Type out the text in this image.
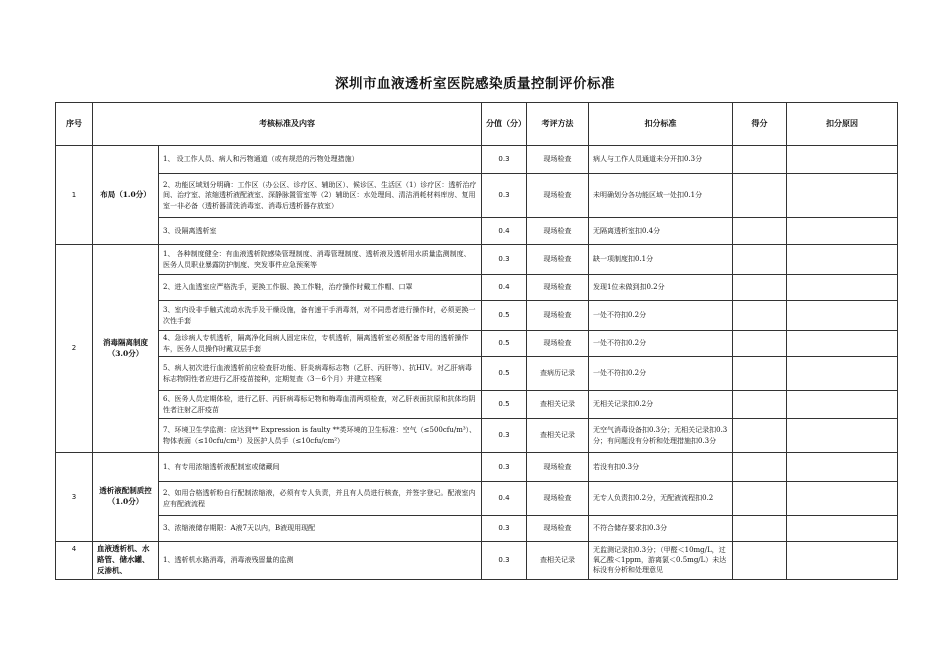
深圳市血液透析室医院感染质量控制评价标准
序号	考核标准及内容		分值（分）	考评方法	扣分标准	得分	扣分原因
1	布局（1.0分）	1、 设工作人员、病人和污物通道（或有规范的污物处理措施）	0.3	现场检查	病人与工作人员通道未分开扣0.3分		
		2、功能区域划分明确：工作区（办公区、诊疗区、辅助区）、候诊区、生活区（1）诊疗区：透析治疗间、治疗室、浓缩透析液配液室、深静脉置管室等（2）辅助区：水处理间、清洁消耗材料库房、复用室一非必备（透析器清洗消毒室、消毒后透析器存放室）	0.3	现场检查	未明确划分各功能区域一处扣0.1分		
		3、设隔离透析室	0.4	现场检查	无隔离透析室扣0.4分		
2	消毒隔离制度（3.0分）	1、 各种制度健全：有血液透析院感染管理制度、消毒管理制度、透析液及透析用水质量监测制度、医务人员职业暴露防护制度、突发事件应急预案等	0.3	现场检查	缺一项制度扣0.1分		
		2、进入血透室应严格洗手，更换工作服、换工作鞋，治疗操作时戴工作帽、口罩	0.4	现场检查	发现1位未做到扣0.2分		
		3、室内设非手触式流动水洗手及干燥设施，备有速干手消毒剂，对不同患者进行操作时，必须更换一次性手套	0.5	现场检查	一处不符扣0.2分		
		4、急诊病人专机透析，隔离净化间病人固定床位，专机透析，隔离透析室必须配备专用的透析操作车，医务人员操作时戴双层手套	0.5	现场检查	一处不符扣0.2分		
		5、病人初次进行血液透析前应检查肝功能、肝炎病毒标志物（乙肝、丙肝等）、抗HIV。对乙肝病毒标志物阴性者应进行乙肝疫苗接种，定期复查（3－6个月）并建立档案	0.5	查病历记录	一处不符扣0.2分		
		6、医务人员定期体检，进行乙肝、丙肝病毒标记物和梅毒血清两项检查，对乙肝表面抗原和抗体均阴性者注射乙肝疫苗	0.5	查相关记录	无相关记录扣0.2分		
		7、环境卫生学监测：应达到** Expression is faulty **类环境的卫生标准：空气（≤500cfu/m³）、物体表面（≤10cfu/cm²）及医护人员手（≤10cfu/cm²）	0.3	查相关记录	无空气消毒设备扣0.3分；无相关记录扣0.3分；有问题没有分析和处理措施扣0.3分		
3	透析液配制质控（1.0分）	1、有专用浓缩透析液配制室或储藏间	0.3	现场检查	若没有扣0.3分		
		2、如用合格透析粉自行配制浓缩液，必须有专人负责，并且有人员进行核查，并签字登记。配液室内应有配液流程	0.4	现场检查	无专人负责扣0.2分，无配液流程扣0.2		
		3、浓缩液储存期限：A液7天以内，B液现用现配	0.3	现场检查	不符合储存要求扣0.3分		
4	血液透析机、水路管、储水罐、反渗机、	1、透析机水路消毒，消毒液残留量的监测	0.3	查相关记录	无监测记录扣0.3分；（甲醛＜10mg/L，过氧乙酸＜1ppm，游离氯＜0.5mg/L）未达标没有分析和处理意见		
